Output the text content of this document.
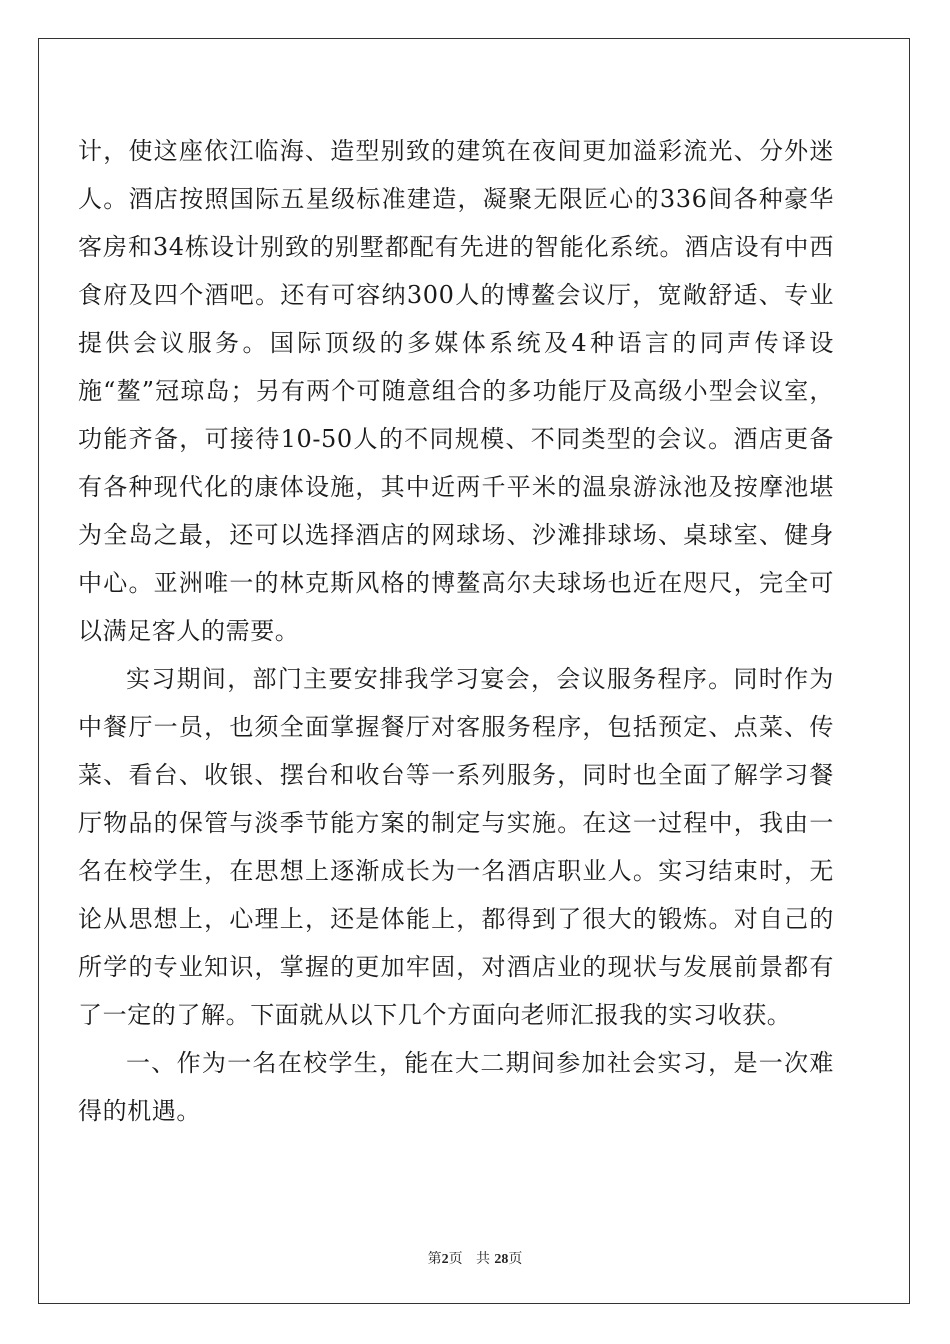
计，使这座依江临海、造型别致的建筑在夜间更加溢彩流光、分外迷人。酒店按照国际五星级标准建造，凝聚无限匠心的336间各种豪华客房和34栋设计别致的别墅都配有先进的智能化系统。酒店设有中西食府及四个酒吧。还有可容纳300人的博鳌会议厅，宽敞舒适、专业提供会议服务。国际顶级的多媒体系统及4种语言的同声传译设施“鳌”冠琼岛；另有两个可随意组合的多功能厅及高级小型会议室，功能齐备，可接待10-50人的不同规模、不同类型的会议。酒店更备有各种现代化的康体设施，其中近两千平米的温泉游泳池及按摩池堪为全岛之最，还可以选择酒店的网球场、沙滩排球场、桌球室、健身中心。亚洲唯一的林克斯风格的博鳌高尔夫球场也近在咫尺，完全可以满足客人的需要。

实习期间，部门主要安排我学习宴会，会议服务程序。同时作为中餐厅一员，也须全面掌握餐厅对客服务程序，包括预定、点菜、传菜、看台、收银、摆台和收台等一系列服务，同时也全面了解学习餐厅物品的保管与淡季节能方案的制定与实施。在这一过程中，我由一名在校学生，在思想上逐渐成长为一名酒店职业人。实习结束时，无论从思想上，心理上，还是体能上，都得到了很大的锻炼。对自己的所学的专业知识，掌握的更加牢固，对酒店业的现状与发展前景都有了一定的了解。下面就从以下几个方面向老师汇报我的实习收获。

一、作为一名在校学生，能在大二期间参加社会实习，是一次难得的机遇。

第2页 共 28页
